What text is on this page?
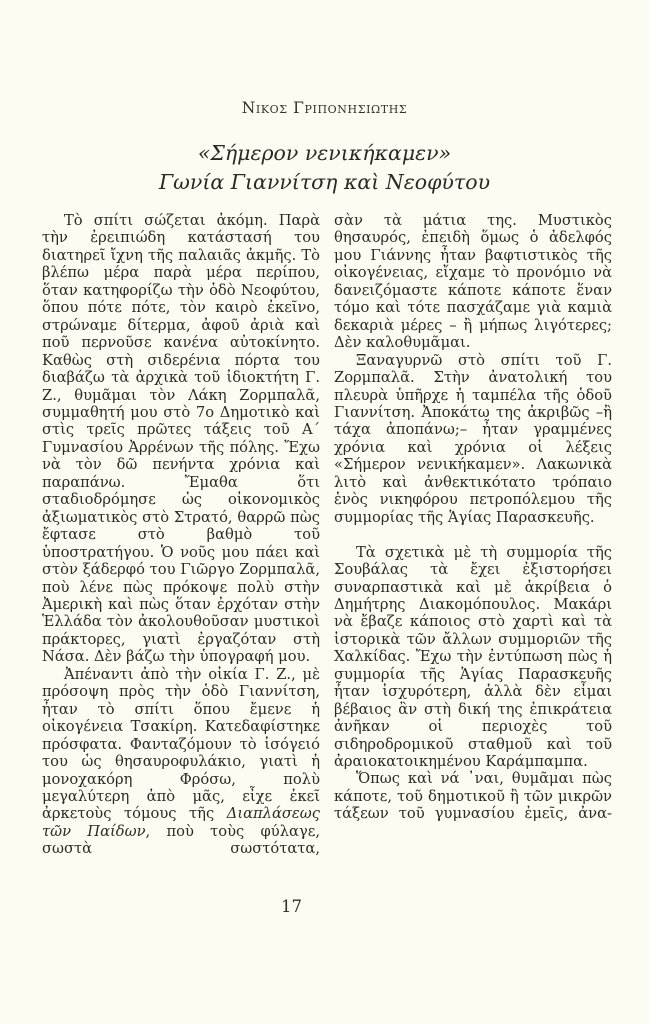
Νικος Γριπονησιωτης
«Σήμερον νενικήκαμεν»
Γωνία Γιαννίτση καὶ Νεοφύτου

Τὸ σπίτι σώζεται ἀκόμη. Παρὰ τὴν ἐρειπιώδη κατάστασή του διατηρεῖ ἴχνη τῆς παλαιᾶς ἀκμῆς. Τὸ βλέπω μέρα παρὰ μέρα περίπου, ὅταν κατηφορίζω τὴν ὁδὸ Νεοφύτου, ὅπου πότε πότε, τὸν καιρὸ ἐκεῖνο, στρώναμε δίτερμα, ἀφοῦ ἀριὰ καὶ ποῦ περνοῦσε κανένα αὐτοκίνητο. Καθὼς στὴ σιδερένια πόρτα του διαβάζω τὰ ἀρχικὰ τοῦ ἰδιοκτήτη Γ. Ζ., θυμᾶμαι τὸν Λάκη Ζορμπαλᾶ, συμμαθητή μου στὸ 7ο Δημοτικὸ καὶ στὶς τρεῖς πρῶτες τάξεις τοῦ Α´ Γυμνασίου Ἀρρένων τῆς πόλης. Ἔχω νὰ τὸν δῶ πενήντα χρόνια καὶ παραπάνω. Ἔμαθα ὅτι σταδιοδρόμησε ὡς οἰκονομικὸς ἀξιωματικὸς στὸ Στρατό, θαρρῶ πὼς ἔφτασε στὸ βαθμὸ τοῦ ὑποστρατήγου. Ὁ νοῦς μου πάει καὶ στὸν ξάδερφό του Γιῶργο Ζορμπαλᾶ, ποὺ λένε πὼς πρόκοψε πολὺ στὴν Ἀμερικὴ καὶ πὼς ὅταν ἐρχόταν στὴν Ἑλλάδα τὸν ἀκολουθοῦσαν μυστικοὶ πράκτορες, γιατὶ ἐργαζόταν στὴ Νάσα. Δὲν βάζω τὴν ὑπογραφή μου.

Ἀπέναντι ἀπὸ τὴν οἰκία Γ. Ζ., μὲ πρόσοψη πρὸς τὴν ὁδὸ Γιαννίτση, ἦταν τὸ σπίτι ὅπου ἔμενε ἡ οἰκογένεια Τσακίρη. Κατεδαφίστηκε πρόσφατα. Φανταζόμουν τὸ ἰσόγειό του ὡς θησαυροφυλάκιο, γιατὶ ἡ μονοχακόρη Φρόσω, πολὺ μεγαλύτερη ἀπὸ μᾶς, εἶχε ἐκεῖ ἀρκετοὺς τόμους τῆς Διαπλάσεως τῶν Παίδων, ποὺ τοὺς φύλαγε, σωστὰ σωστότατα,

σὰν τὰ μάτια της. Μυστικὸς θησαυρός, ἐπειδὴ ὅμως ὁ ἀδελφός μου Γιάννης ἦταν βαφτιστικὸς τῆς οἰκογένειας, εἴχαμε τὸ προνόμιο νὰ δανειζόμαστε κάποτε κάποτε ἕναν τόμο καὶ τότε πασχάζαμε γιὰ καμιὰ δεκαριὰ μέρες – ἢ μήπως λιγότερες; Δὲν καλοθυμᾶμαι.

Ξαναγυρνῶ στὸ σπίτι τοῦ Γ. Ζορμπαλᾶ. Στὴν ἀνατολική του πλευρὰ ὑπῆρχε ἡ ταμπέλα τῆς ὁδοῦ Γιαννίτση. Ἀποκάτω της ἀκριβῶς –ἢ τάχα ἀποπάνω;– ἦταν γραμμένες χρόνια καὶ χρόνια οἱ λέξεις «Σήμερον νενικήκαμεν». Λακωνικὰ λιτὸ καὶ ἀνθεκτικότατο τρόπαιο ἑνὸς νικηφόρου πετροπόλεμου τῆς συμμορίας τῆς Ἁγίας Παρασκευῆς.

Τὰ σχετικὰ μὲ τὴ συμμορία τῆς Σουβάλας τὰ ἔχει ἐξιστορήσει συναρπαστικὰ καὶ μὲ ἀκρίβεια ὁ Δημήτρης Διακομόπουλος. Μακάρι νὰ ἔβαζε κάποιος στὸ χαρτὶ καὶ τὰ ἱστορικὰ τῶν ἄλλων συμμοριῶν τῆς Χαλκίδας. Ἔχω τὴν ἐντύπωση πὼς ἡ συμμορία τῆς Ἁγίας Παρασκευῆς ἦταν ἰσχυρότερη, ἀλλὰ δὲν εἶμαι βέβαιος ἂν στὴ δική της ἐπικράτεια ἀνῆκαν οἱ περιοχὲς τοῦ σιδηροδρομικοῦ σταθμοῦ καὶ τοῦ ἀραιοκατοικημένου Καράμπαμπα.

Ὅπως καὶ νά ᾿ναι, θυμᾶμαι πὼς κάποτε, τοῦ δημοτικοῦ ἢ τῶν μικρῶν τάξεων τοῦ γυμνασίου ἐμεῖς, ἀνα-

17
